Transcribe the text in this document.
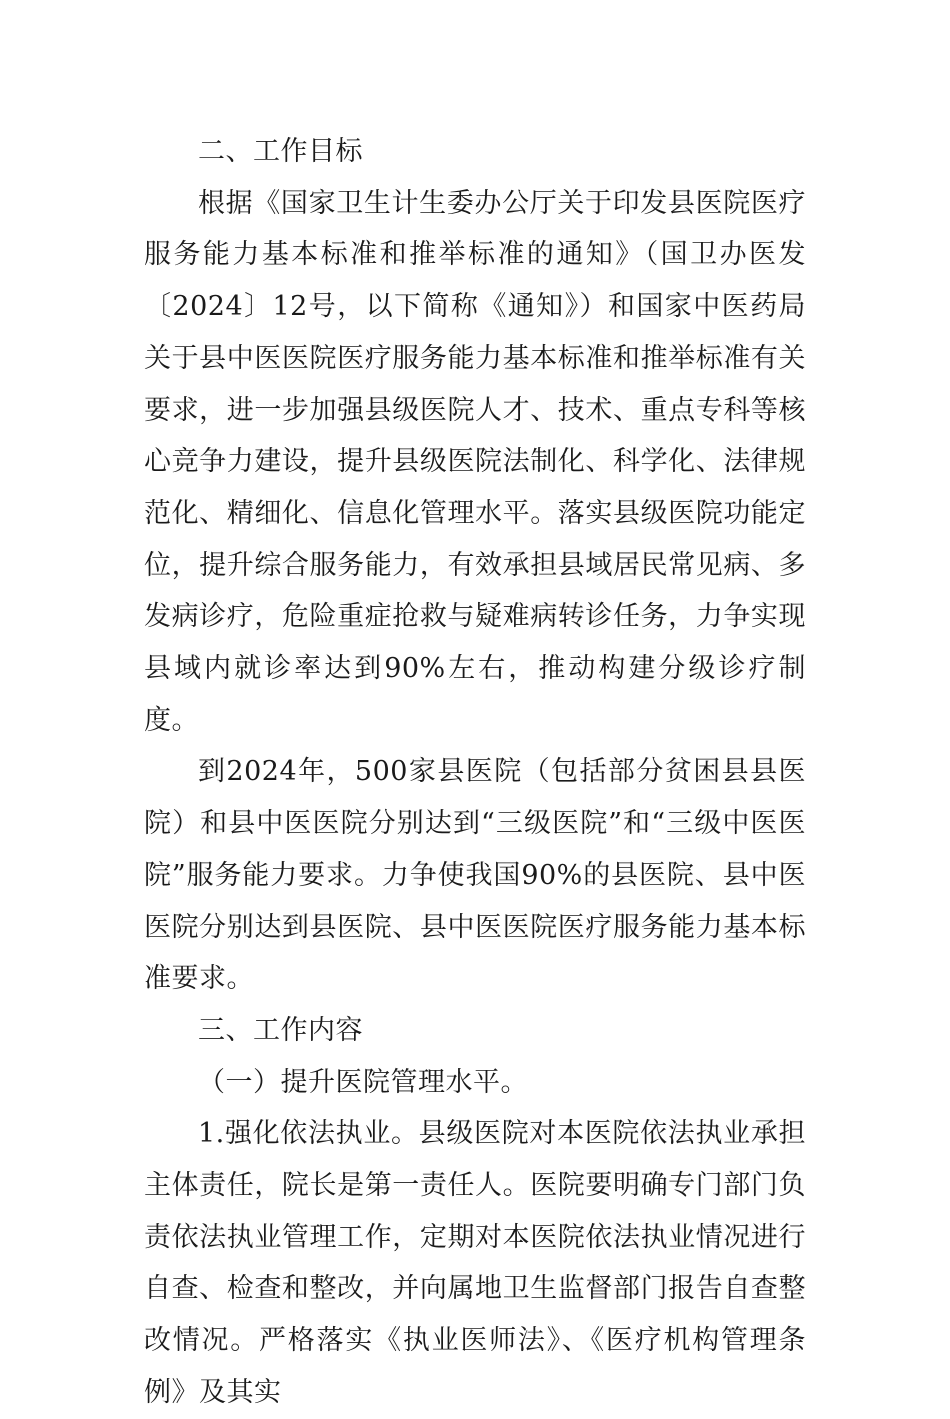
二、工作目标

根据《国家卫生计生委办公厅关于印发县医院医疗服务能力基本标准和推举标准的通知》（国卫办医发〔2024〕12号，以下简称《通知》）和国家中医药局关于县中医医院医疗服务能力基本标准和推举标准有关要求，进一步加强县级医院人才、技术、重点专科等核心竞争力建设，提升县级医院法制化、科学化、法律规范化、精细化、信息化管理水平。落实县级医院功能定位，提升综合服务能力，有效承担县域居民常见病、多发病诊疗，危险重症抢救与疑难病转诊任务，力争实现县域内就诊率达到90%左右，推动构建分级诊疗制度。

到2024年，500家县医院（包括部分贫困县县医院）和县中医医院分别达到“三级医院”和“三级中医医院”服务能力要求。力争使我国90%的县医院、县中医医院分别达到县医院、县中医医院医疗服务能力基本标准要求。

三、工作内容

（一）提升医院管理水平。

1.强化依法执业。县级医院对本医院依法执业承担主体责任，院长是第一责任人。医院要明确专门部门负责依法执业管理工作，定期对本医院依法执业情况进行自查、检查和整改，并向属地卫生监督部门报告自查整改情况。严格落实《执业医师法》、《医疗机构管理条例》及其实
